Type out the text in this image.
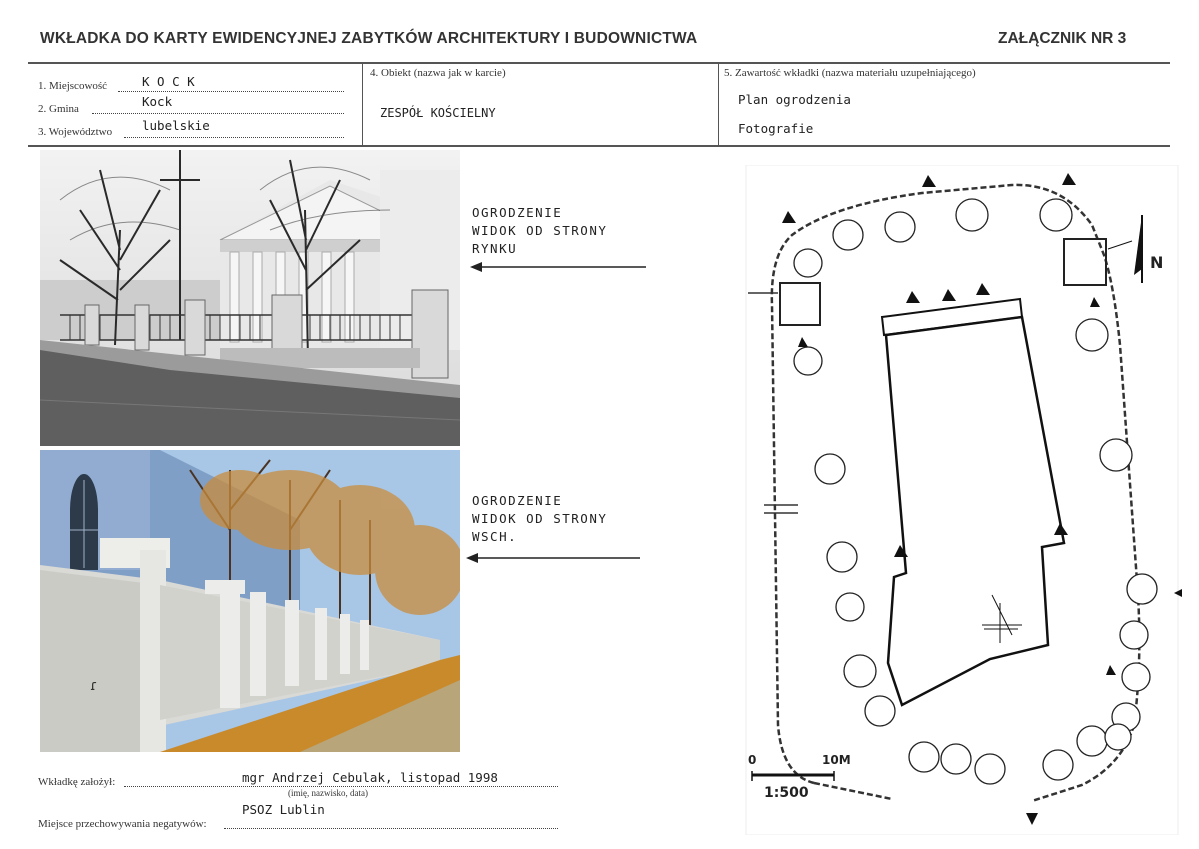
WKŁADKA DO KARTY EWIDENCYJNEJ ZABYTKÓW ARCHITEKTURY I BUDOWNICTWA	ZAŁĄCZNIK NR 3
1. Miejscowość	K O C K
2. Gmina	Kock
3. Województwo lubelskie
4. Obiekt (nazwa jak w karcie)
ZESPÓŁ KOŚCIELNY
5. Zawartość wkładki (nazwa materiału uzupełniającego)
Plan ogrodzenia
Fotografie
ɾ
OGRODZENIE
WIDOK OD STRONY
RYNKU
OGRODZENIE
WIDOK OD STRONY
WSCH.
N
0	10M
1:500
Wkładkę założył:	mgr Andrzej Cebulak, listopad 1998
(imię, nazwisko, data)
Miejsce przechowywania negatywów:
PSOZ Lublin
